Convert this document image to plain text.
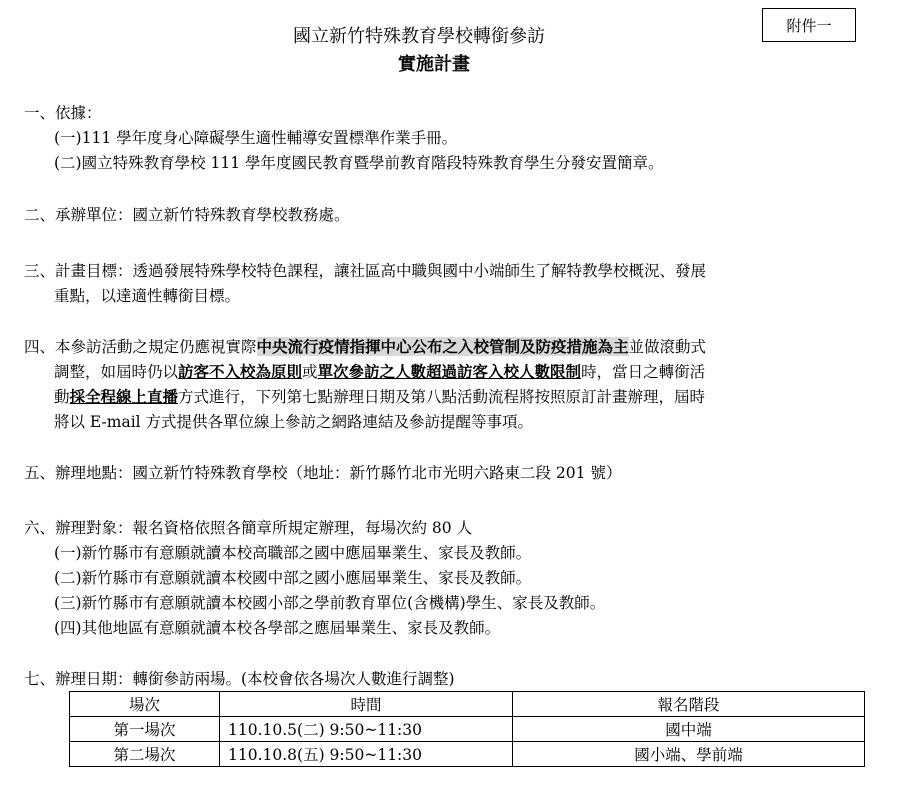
國立新竹特殊教育學校轉銜參訪
實施計畫
附件一
一、依據：
(一)111 學年度身心障礙學生適性輔導安置標準作業手冊。
(二)國立特殊教育學校 111 學年度國民教育暨學前教育階段特殊教育學生分發安置簡章。
二、承辦單位：國立新竹特殊教育學校教務處。
三、計畫目標：透過發展特殊學校特色課程，讓社區高中職與國中小端師生了解特教學校概況、發展
重點，以達適性轉銜目標。
四、本參訪活動之規定仍應視實際中央流行疫情指揮中心公布之入校管制及防疫措施為主並做滾動式
調整，如屆時仍以訪客不入校為原則或單次參訪之人數超過訪客入校人數限制時，當日之轉銜活
動採全程線上直播方式進行，下列第七點辦理日期及第八點活動流程將按照原訂計畫辦理，屆時
將以 E-mail 方式提供各單位線上參訪之網路連結及參訪提醒等事項。
五、辦理地點：國立新竹特殊教育學校（地址：新竹縣竹北市光明六路東二段 201 號）
六、辦理對象：報名資格依照各簡章所規定辦理，每場次約 80 人
(一)新竹縣市有意願就讀本校高職部之國中應屆畢業生、家長及教師。
(二)新竹縣市有意願就讀本校國中部之國小應屆畢業生、家長及教師。
(三)新竹縣市有意願就讀本校國小部之學前教育單位(含機構)學生、家長及教師。
(四)其他地區有意願就讀本校各學部之應屆畢業生、家長及教師。
七、辦理日期：轉銜參訪兩場。(本校會依各場次人數進行調整)
場次	時間	報名階段
第一場次	110.10.5(二) 9:50~11:30	國中端
第二場次	110.10.8(五) 9:50~11:30	國小端、學前端
